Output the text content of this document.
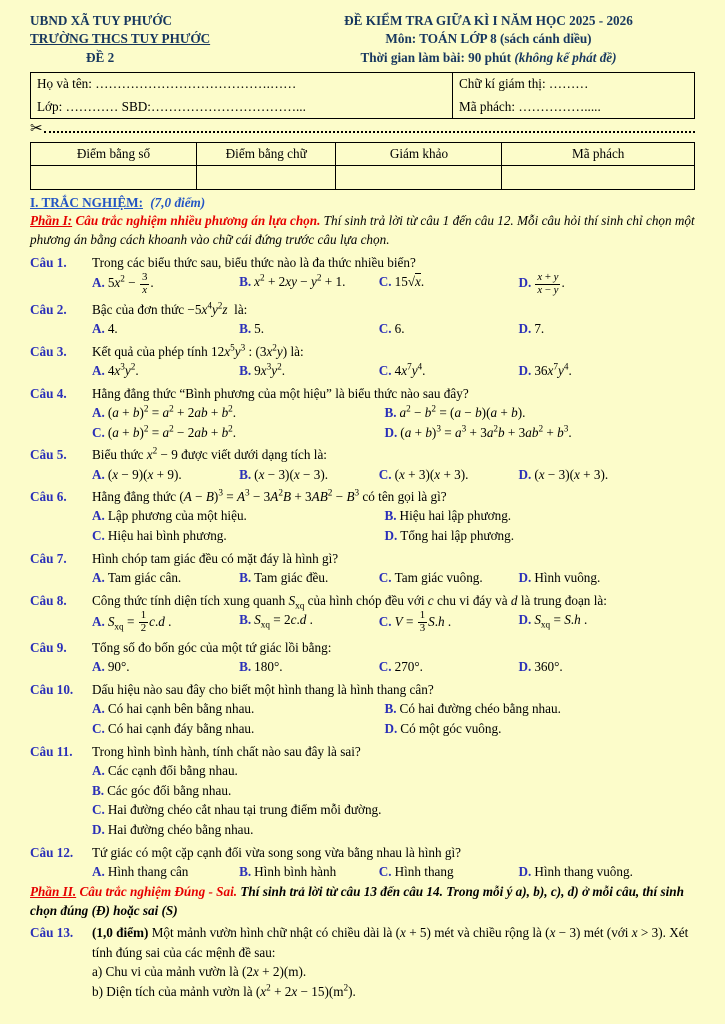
UBND XÃ TUY PHƯỚC
TRƯỜNG THCS TUY PHƯỚC
ĐỀ 2
ĐỀ KIỂM TRA GIỮA KÌ I NĂM HỌC 2025 - 2026
Môn: TOÁN LỚP 8 (sách cánh diều)
Thời gian làm bài: 90 phút (không kể phát đề)
Họ và tên: ………………………………….……	Chữ kí giám thị: ………
Lớp: ………… SBD:……………………………...	Mã phách: …………….....
✂
Điểm bằng số	Điểm bằng chữ	Giám khảo	Mã phách

I. TRẮC NGHIỆM: (7,0 điểm)
Phần I: Câu trắc nghiệm nhiều phương án lựa chọn. Thí sinh trả lời từ câu 1 đến câu 12. Mỗi câu hỏi thí sinh chỉ chọn một phương án bằng cách khoanh vào chữ cái đứng trước câu lựa chọn.
Câu 1.	Trong các biểu thức sau, biểu thức nào là đa thức nhiều biến?
A. $5x^2 - \frac{3}{x}$ .	B. $x^2 + 2xy - y^2 + 1$.	C. 15√x.	D. $\frac{x + y}{x - y}$ .
Câu 2.	Bậc của đơn thức $-5x^4y^2z$  là:
A. 4.	B. 5.	C. 6.	D. 7.
Câu 3.	Kết quả của phép tính $12x^5y^3$ : $(3x^2y)$ là:
A. $4x^3y^2$.	B. $9x^3y^2$.	C. $4x^7y^4$.	D. $36x^7y^4$.
Câu 4.	Hằng đẳng thức “Bình phương của một hiệu” là biểu thức nào sau đây?
A. $(a + b)^2 = a^2 + 2ab + b^2$.	B. $a^2 - b^2 = (a - b)(a + b)$.
C. $(a + b)^2 = a^2 - 2ab + b^2$.	D. $(a + b)^3 = a^3 + 3a^2b + 3ab^2 + b^3$.
Câu 5.	Biểu thức $x^2 - 9$ được viết dưới dạng tích là:
A. (x − 9)(x + 9).	B. (x − 3)(x − 3).	C. (x + 3)(x + 3).	D. (x − 3)(x + 3).
Câu 6.	Hằng đẳng thức $(A - B)^3 = A^3 - 3A^2B + 3AB^2 - B^3$ có tên gọi là gì?
A. Lập phương của một hiệu.	B. Hiệu hai lập phương.
C. Hiệu hai bình phương.	D. Tổng hai lập phương.
Câu 7.	Hình chóp tam giác đều có mặt đáy là hình gì?
A. Tam giác cân.	B. Tam giác đều.	C. Tam giác vuông.	D. Hình vuông.
Câu 8.	Công thức tính diện tích xung quanh $S_{xq}$ của hình chóp đều với c chu vi đáy và d là trung đoạn là:
A. $S_{xq} = \frac{1}{2} c.d$ .	B. $S_{xq} = 2c.d$ .	C. $V = \frac{1}{3} S.h$ .	D. $S_{xq} = S.h$ .
Câu 9.	Tổng số đo bốn góc của một tứ giác lồi bằng:
A. 90°.	B. 180°.	C. 270°.	D. 360°.
Câu 10.	Dấu hiệu nào sau đây cho biết một hình thang là hình thang cân?
A. Có hai cạnh bên bằng nhau.	B. Có hai đường chéo bằng nhau.
C. Có hai cạnh đáy bằng nhau.	D. Có một góc vuông.
Câu 11.	Trong hình bình hành, tính chất nào sau đây là sai?
A. Các cạnh đối bằng nhau.
B. Các góc đối bằng nhau.
C. Hai đường chéo cắt nhau tại trung điểm mỗi đường.
D. Hai đường chéo bằng nhau.
Câu 12.	Tứ giác có một cặp cạnh đối vừa song song vừa bằng nhau là hình gì?
A. Hình thang cân	B. Hình bình hành	C. Hình thang	D. Hình thang vuông.
Phần II. Câu trắc nghiệm Đúng - Sai. Thí sinh trả lời từ câu 13 đến câu 14. Trong mỗi ý a), b), c), d) ở mỗi câu, thí sinh chọn đúng (Đ) hoặc sai (S)
Câu 13.	(1,0 điểm) Một mảnh vườn hình chữ nhật có chiều dài là (x + 5) mét và chiều rộng là (x − 3) mét (với x > 3). Xét tính đúng sai của các mệnh đề sau:
a) Chu vi của mảnh vườn là (2x + 2)(m).
b) Diện tích của mảnh vườn là $(x^2 + 2x - 15)(m^2)$.
